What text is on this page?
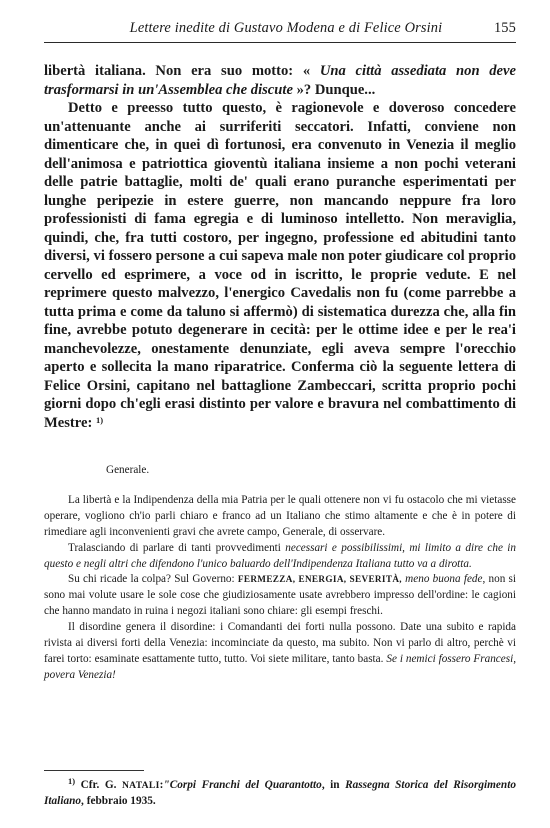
Lettere inedite di Gustavo Modena e di Felice Orsini	155

libertà italiana. Non era suo motto: « Una città assediata non deve trasformarsi in un'Assemblea che discute »? Dunque...

Detto e preesso tutto questo, è ragionevole e doveroso concedere un'attenuante anche ai surriferiti seccatori. Infatti, conviene non dimenticare che, in quei dì fortunosi, era convenuto in Venezia il meglio dell'animosa e patriottica gioventù italiana insieme a non pochi veterani delle patrie battaglie, molti de' quali erano puranche esperimentati per lunghe peripezie in estere guerre, non mancando neppure fra loro professionisti di fama egregia e di luminoso intelletto. Non meraviglia, quindi, che, fra tutti costoro, per ingegno, professione ed abitudini tanto diversi, vi fossero persone a cui sapeva male non poter giudicare col proprio cervello ed esprimere, a voce od in iscritto, le proprie vedute. E nel reprimere questo malvezzo, l'energico Cavedalis non fu (come parrebbe a tutta prima e come da taluno si affermò) di sistematica durezza che, alla fin fine, avrebbe potuto degenerare in cecità: per le ottime idee e per le rea'i manchevolezze, onestamente denunziate, egli aveva sempre l'orecchio aperto e sollecita la mano riparatrice. Conferma ciò la seguente lettera di Felice Orsini, capitano nel battaglione Zambeccari, scritta proprio pochi giorni dopo ch'egli erasi distinto per valore e bravura nel combattimento di Mestre: $^{1)}$

Generale.

La libertà e la Indipendenza della mia Patria per le quali ottenere non vi fu ostacolo che mi vietasse operare, vogliono ch'io parli chiaro e franco ad un Italiano che stimo altamente e che è in potere di rimediare agli inconvenienti gravi che avrete campo, Generale, di osservare.

Tralasciando di parlare di tanti provvedimenti necessari e possibilissimi, mi limito a dire che in questo e negli altri che difendono l'unico baluardo dell'Indipendenza Italiana tutto va a dirotta.

Su chi ricade la colpa? Sul Governo: FERMEZZA, ENERGIA, SEVERITÀ, meno buona fede, non si sono mai volute usare le sole cose che giudiziosamente usate avrebbero impresso dell'ordine: le cagioni che hanno mandato in ruina i negozi italiani sono chiare: gli esempi freschi.

Il disordine genera il disordine: i Comandanti dei forti nulla possono. Date una subito e rapida rivista ai diversi forti della Venezia: incominciate da questo, ma subito. Non vi parlo di altro, perchè vi farei torto: esaminate esattamente tutto, tutto. Voi siete militare, tanto basta. Se i nemici fossero Francesi, povera Venezia!

$^{1)}$ Cfr. G. NATALI:"Corpi Franchi del Quarantotto, in Rassegna Storica del Risorgimento Italiano, febbraio 1935.
